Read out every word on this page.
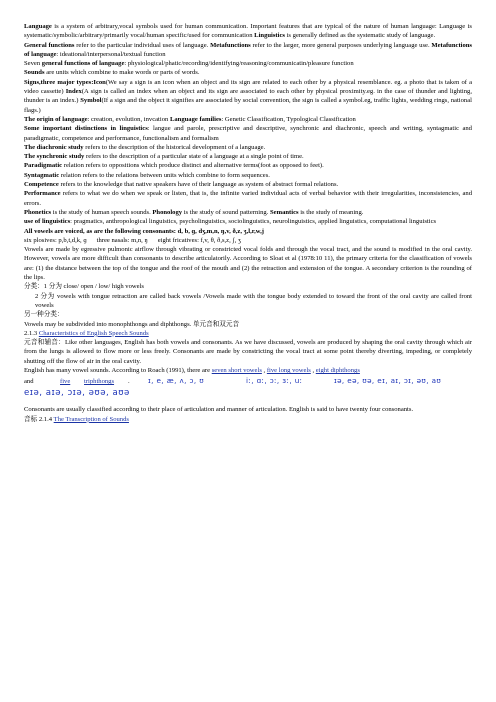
Language is a system of arbitrary,vocal symbols used for human communication. Important features that are typical of the nature of human language: Language is systematic/symbolic/arbitrary/primarily vocal/human specific/used for communication Linguistics is generally defined as the systematic study of language.

General functions refer to the particular individual uses of language. Metafunctions refer to the larger, more general purposes underlying language use. Metafunctions of language: ideational/interpersonal/textual function

Seven general functions of language: physiological/phatic/recording/identifying/reasoning/communicatin/pleasure function

Sounds are units which combine to make words or parts of words.

Signs,three major types:Icon(We say a sign is an icon when an object and its sign are related to each other by a physical resemblance. eg. a photo that is taken of a video cassette) Index(A sign is called an index when an object and its sign are associated to each other by physical proximity.eg. in the case of thunder and lighting, thunder is an index.) Symbol(If a sign and the object it signifies are associated by social convention, the sign is called a symbol.eg, traffic lights, wedding rings, national flags.)

The origin of language: creation, evolution, invcation Language families: Genetic Classification, Typological Classification

Some important distinctions in linguistics: langue and parole, prescriptive and descriptive, synchronic and diachronic, speech and writing, syntagmatic and paradigmatic, competence and performance, functionalism and formalism

The diachronic study refers to the description of the historical development of a language.

The synchronic study refers to the description of a particular state of a language at a single point of time.

Paradigmatic relation refers to oppositions which produce distinct and alternative terms(foot as opposed to feet).

Syntagmatic relation refers to the relations between units which combine to form sequences.

Competence refers to the knowledge that native speakers have of their language as system of abstract formal relations.

Performance refers to what we do when we speak or listen, that is, the infinite varied individual acts of verbal behavior with their irregularities, inconsistencies, and errors.

Phonetics is the study of human speech sounds. Phonology is the study of sound patterning. Semantics is the study of meaning.

use of linguistics: pragmatics, anthropological linguistics, psycholinguistics, sociolinguistics, neurolinguistics, applied linguistics, computational linguistics

All vowels are voiced, as are the following consonants: d, b, ɡ, dʒ,m,n, ŋ,v, ð,z, ʒ,l,r,w,j

six plosives: p,b,t,d,k, ɡ three nasals: m,n, ŋ eight fricatives: f,v, θ, ð,s,z, ʃ, ʒ

Vowels are made by egressive pulmonic airflow through vibrating or constricted vocal folds and through the vocal tract, and the sound is modified in the oral cavity. However, vowels are more difficult than consonants to describe articulatorily. According to Sloat et al (1978:10 11), the primary criteria for the classification of vowels are: (1) the distance between the top of the tongue and the roof of the mouth and (2) the retraction and extension of the tongue. A secondary criterion is the rounding of the lips.

分类：1 分为 close/ open / low/ high vowels

2 分为 vowels with tongue retraction are called back vowels /Vowels made with the tongue body extended to toward the front of the oral cavity are called front vowels

另一种分类：

Vowels may be subdivided into monophthongs and diphthongs. 单元音和双元音

2.1.3 Characteristics of English Speech Sounds

元音和辅音：Like other languages, English has both vowels and consonants. As we have discussed, vowels are produced by shaping the oral cavity through which air from the lungs is allowed to flow more or less freely. Consonants are made by constricting the vocal tract at some point thereby diverting, impeding, or completely shutting off the flow of air in the oral cavity.

English has many vowel sounds. According to Roach (1991), there are seven short vowels , five long vowels , eight diphthongs

and	five triphthongs .	ɪ, e, æ, ʌ, ɔ, ʊ	iː, ɑː, ɔː, ɜː, uː	ɪə, eə, ʊə, eɪ, aɪ, ɔɪ, əʊ, aʊ
eɪə, aɪə, ɔɪə, əʊə, aʊə

Consonants are usually classified according to their place of articulation and manner of articulation. English is said to have twenty four consonants.

音标 2.1.4 The Transcription of Sounds
